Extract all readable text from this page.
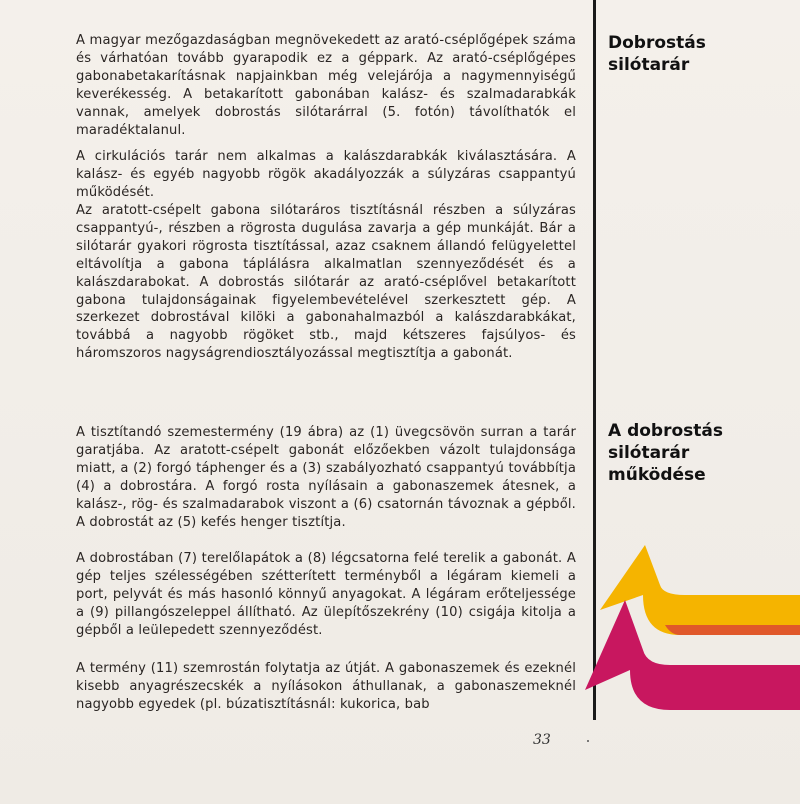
A magyar mezőgazdaságban megnövekedett az arató-cséplőgépek száma és várhatóan tovább gyarapodik ez a géppark. Az arató-cséplőgépes gabonabetakarításnak napjainkban még velejárója a nagymennyiségű keverékesség. A betakarított gabonában kalász- és szalmadarabkák vannak, amelyek dobrostás silótarárral (5. fotón) távolíthatók el maradéktalanul.

A cirkulációs tarár nem alkalmas a kalászdarabkák kiválasztására. A kalász- és egyéb nagyobb rögök akadályozzák a súlyzáras csappantyú működését.

Az aratott-csépelt gabona silótaráros tisztításnál részben a súlyzáras csappantyú-, részben a rögrosta dugulása zavarja a gép munkáját. Bár a silótarár gyakori rögrosta tisztítással, azaz csaknem állandó felügyelettel eltávolítja a gabona táplálásra alkalmatlan szennyeződését és a kalászdarabokat. A dobrostás silótarár az arató-cséplővel betakarított gabona tulajdonságainak figyelembevételével szerkesztett gép. A szerkezet dobrostával kilöki a gabonahalmazból a kalászdarabkákat, továbbá a nagyobb rögöket stb., majd kétszeres fajsúlyos- és háromszoros nagyságrendiosztályozással megtisztítja a gabonát.

A tisztítandó szemestermény (19 ábra) az (1) üvegcsövön surran a tarár garatjába. Az aratott-csépelt gabonát előzőekben vázolt tulajdonsága miatt, a (2) forgó táphenger és a (3) szabályozható csappantyú továbbítja (4) a dobrostára. A forgó rosta nyílásain a gabonaszemek átesnek, a kalász-, rög- és szalmadarabok viszont a (6) csatornán távoznak a gépből. A dobrostát az (5) kefés henger tisztítja.

A dobrostában (7) terelőlapátok a (8) légcsatorna felé terelik a gabonát. A gép teljes szélességében szétterített terményből a légáram kiemeli a port, pelyvát és más hasonló könnyű anyagokat. A légáram erőteljessége a (9) pillangószeleppel állítható. Az ülepítőszekrény (10) csigája kitolja a gépből a leülepedett szennyeződést.

A termény (11) szemrostán folytatja az útját. A gabonaszemek és ezeknél kisebb anyagrészecskék a nyílásokon áthullanak, a gabonaszemeknél nagyobb egyedek (pl. búzatisztításnál: kukorica, bab

Dobrostás silótarár
A dobrostás silótarár működése
33
